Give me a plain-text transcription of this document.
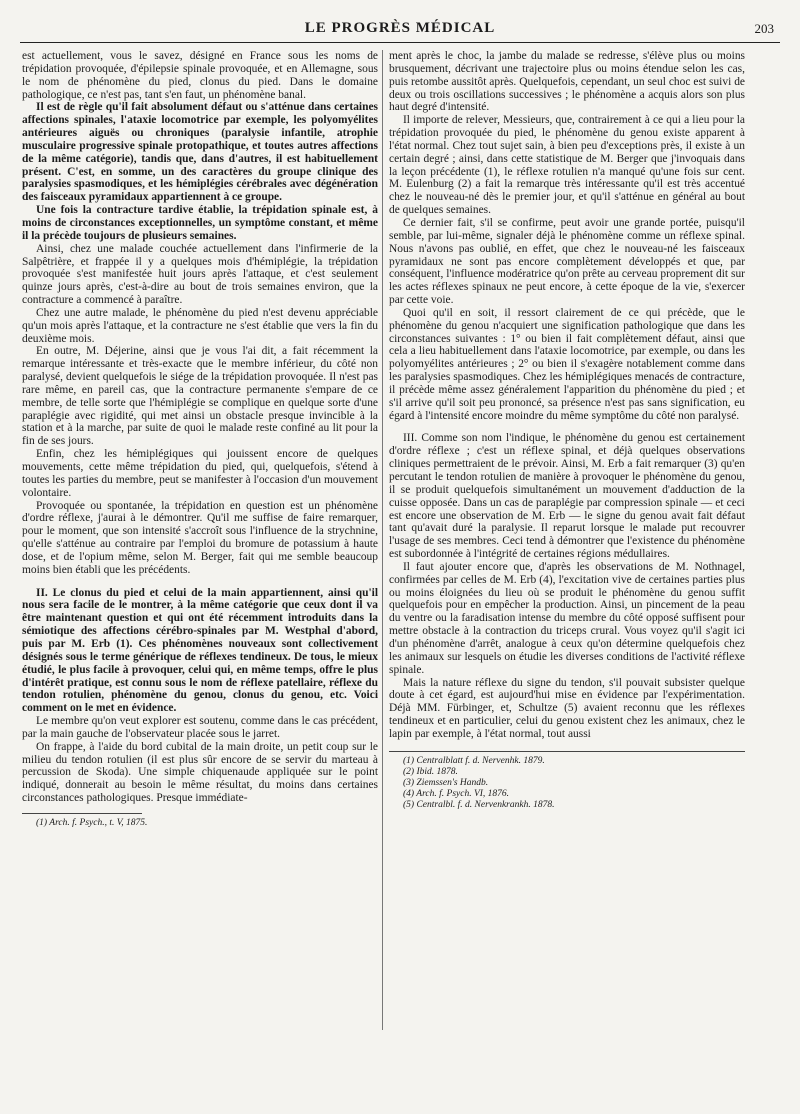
LE PROGRÈS MÉDICAL	203

est actuellement, vous le savez, désigné en France sous les noms de trépidation provoquée, d'épilepsie spinale provoquée, et en Allemagne, sous le nom de phénomène du pied, clonus du pied. Dans le domaine pathologique, ce n'est pas, tant s'en faut, un phénomène banal.

Il est de règle qu'il fait absolument défaut ou s'atténue dans certaines affections spinales, l'ataxie locomotrice par exemple, les polyomyélites antérieures aiguës ou chroniques (paralysie infantile, atrophie musculaire progressive spinale protopathique, et toutes autres affections de la même catégorie), tandis que, dans d'autres, il est habituellement présent. C'est, en somme, un des caractères du groupe clinique des paralysies spasmodiques, et les hémiplégies cérébrales avec dégénération des faisceaux pyramidaux appartiennent à ce groupe.

Une fois la contracture tardive établie, la trépidation spinale est, à moins de circonstances exceptionnelles, un symptôme constant, et même il la précède toujours de plusieurs semaines.

Ainsi, chez une malade couchée actuellement dans l'infirmerie de la Salpêtrière, et frappée il y a quelques mois d'hémiplégie, la trépidation provoquée s'est manifestée huit jours après l'attaque, et c'est seulement quinze jours après, c'est-à-dire au bout de trois semaines environ, que la contracture a commencé à paraître.

Chez une autre malade, le phénomène du pied n'est devenu appréciable qu'un mois après l'attaque, et la contracture ne s'est établie que vers la fin du deuxième mois.

En outre, M. Déjerine, ainsi que je vous l'ai dit, a fait récemment la remarque intéressante et très-exacte que le membre inférieur, du côté non paralysé, devient quelquefois le siége de la trépidation provoquée. Il n'est pas rare même, en pareil cas, que la contracture permanente s'empare de ce membre, de telle sorte que l'hémiplégie se complique en quelque sorte d'une paraplégie avec rigidité, qui met ainsi un obstacle presque invincible à la station et à la marche, par suite de quoi le malade reste confiné au lit pour la fin de ses jours.

Enfin, chez les hémiplégiques qui jouissent encore de quelques mouvements, cette même trépidation du pied, qui, quelquefois, s'étend à toutes les parties du membre, peut se manifester à l'occasion d'un mouvement volontaire.

Provoquée ou spontanée, la trépidation en question est un phénomène d'ordre réflexe, j'aurai à le démontrer. Qu'il me suffise de faire remarquer, pour le moment, que son intensité s'accroît sous l'influence de la strychnine, qu'elle s'atténue au contraire par l'emploi du bromure de potassium à haute dose, et de l'opium même, selon M. Berger, fait qui me semble beaucoup moins bien établi que les précédents.

II. Le clonus du pied et celui de la main appartiennent, ainsi qu'il nous sera facile de le montrer, à la même catégorie que ceux dont il va être maintenant question et qui ont été récemment introduits dans la sémiotique des affections cérébro-spinales par M. Westphal d'abord, puis par M. Erb (1). Ces phénomènes nouveaux sont collectivement désignés sous le terme générique de réflexes tendineux. De tous, le mieux étudié, le plus facile à provoquer, celui qui, en même temps, offre le plus d'intérêt pratique, est connu sous le nom de réflexe patellaire, réflexe du tendon rotulien, phénomène du genou, clonus du genou, etc. Voici comment on le met en évidence.

Le membre qu'on veut explorer est soutenu, comme dans le cas précédent, par la main gauche de l'observateur placée sous le jarret.

On frappe, à l'aide du bord cubital de la main droite, un petit coup sur le milieu du tendon rotulien (il est plus sûr encore de se servir du marteau à percussion de Skoda). Une simple chiquenaude appliquée sur le point indiqué, donnerait au besoin le même résultat, du moins dans certaines circonstances pathologiques. Presque immédiate-

(1) Arch. f. Psych., t. V, 1875.

ment après le choc, la jambe du malade se redresse, s'élève plus ou moins brusquement, décrivant une trajectoire plus ou moins étendue selon les cas, puis retombe aussitôt après. Quelquefois, cependant, un seul choc est suivi de deux ou trois oscillations successives ; le phénomène a acquis alors son plus haut degré d'intensité.

Il importe de relever, Messieurs, que, contrairement à ce qui a lieu pour la trépidation provoquée du pied, le phénomène du genou existe apparent à l'état normal. Chez tout sujet sain, à bien peu d'exceptions près, il existe à un certain degré ; ainsi, dans cette statistique de M. Berger que j'invoquais dans la leçon précédente (1), le réflexe rotulien n'a manqué qu'une fois sur cent. M. Eulenburg (2) a fait la remarque très intéressante qu'il est très accentué chez le nouveau-né dès le premier jour, et qu'il s'atténue en général au bout de quelques semaines.

Ce dernier fait, s'il se confirme, peut avoir une grande portée, puisqu'il semble, par lui-même, signaler déjà le phénomène comme un réflexe spinal. Nous n'avons pas oublié, en effet, que chez le nouveau-né les faisceaux pyramidaux ne sont pas encore complètement développés et que, par conséquent, l'influence modératrice qu'on prête au cerveau proprement dit sur les actes réflexes spinaux ne peut encore, à cette époque de la vie, s'exercer par cette voie.

Quoi qu'il en soit, il ressort clairement de ce qui précède, que le phénomène du genou n'acquiert une signification pathologique que dans les circonstances suivantes : 1° ou bien il fait complètement défaut, ainsi que cela a lieu habituellement dans l'ataxie locomotrice, par exemple, ou dans les polyomyélites antérieures ; 2° ou bien il s'exagère notablement comme dans les paralysies spasmodiques. Chez les hémiplégiques menacés de contracture, il précède même assez généralement l'apparition du phénomène du pied ; et s'il arrive qu'il soit peu prononcé, sa présence n'est pas sans signification, eu égard à l'intensité encore moindre du même symptôme du côté non paralysé.

III. Comme son nom l'indique, le phénomène du genou est certainement d'ordre réflexe ; c'est un réflexe spinal, et déjà quelques observations cliniques permettraient de le prévoir. Ainsi, M. Erb a fait remarquer (3) qu'en percutant le tendon rotulien de manière à provoquer le phénomène du genou, il se produit quelquefois simultanément un mouvement d'adduction de la cuisse opposée. Dans un cas de paraplégie par compression spinale — et ceci est encore une observation de M. Erb — le signe du genou avait fait défaut tant qu'avait duré la paralysie. Il reparut lorsque le malade put recouvrer l'usage de ses membres. Ceci tend à démontrer que l'existence du phénomène est subordonnée à l'intégrité de certaines régions médullaires.

Il faut ajouter encore que, d'après les observations de M. Nothnagel, confirmées par celles de M. Erb (4), l'excitation vive de certaines parties plus ou moins éloignées du lieu où se produit le phénomène du genou suffit quelquefois pour en empêcher la production. Ainsi, un pincement de la peau du ventre ou la faradisation intense du membre du côté opposé suffisent pour mettre obstacle à la contraction du triceps crural. Vous voyez qu'il s'agit ici d'un phénomène d'arrêt, analogue à ceux qu'on détermine quelquefois chez les animaux sur lesquels on étudie les diverses conditions de l'activité réflexe spinale.

Mais la nature réflexe du signe du tendon, s'il pouvait subsister quelque doute à cet égard, est aujourd'hui mise en évidence par l'expérimentation. Déjà MM. Fürbinger, et, Schultze (5) avaient reconnu que les réflexes tendineux et en particulier, celui du genou existent chez les animaux, chez le lapin par exemple, à l'état normal, tout aussi

(1) Centralblatt f. d. Nervenhk. 1879.

(2) Ibid. 1878.

(3) Ziemssen's Handb.

(4) Arch. f. Psych. VI, 1876.

(5) Centralbl. f. d. Nervenkrankh. 1878.
